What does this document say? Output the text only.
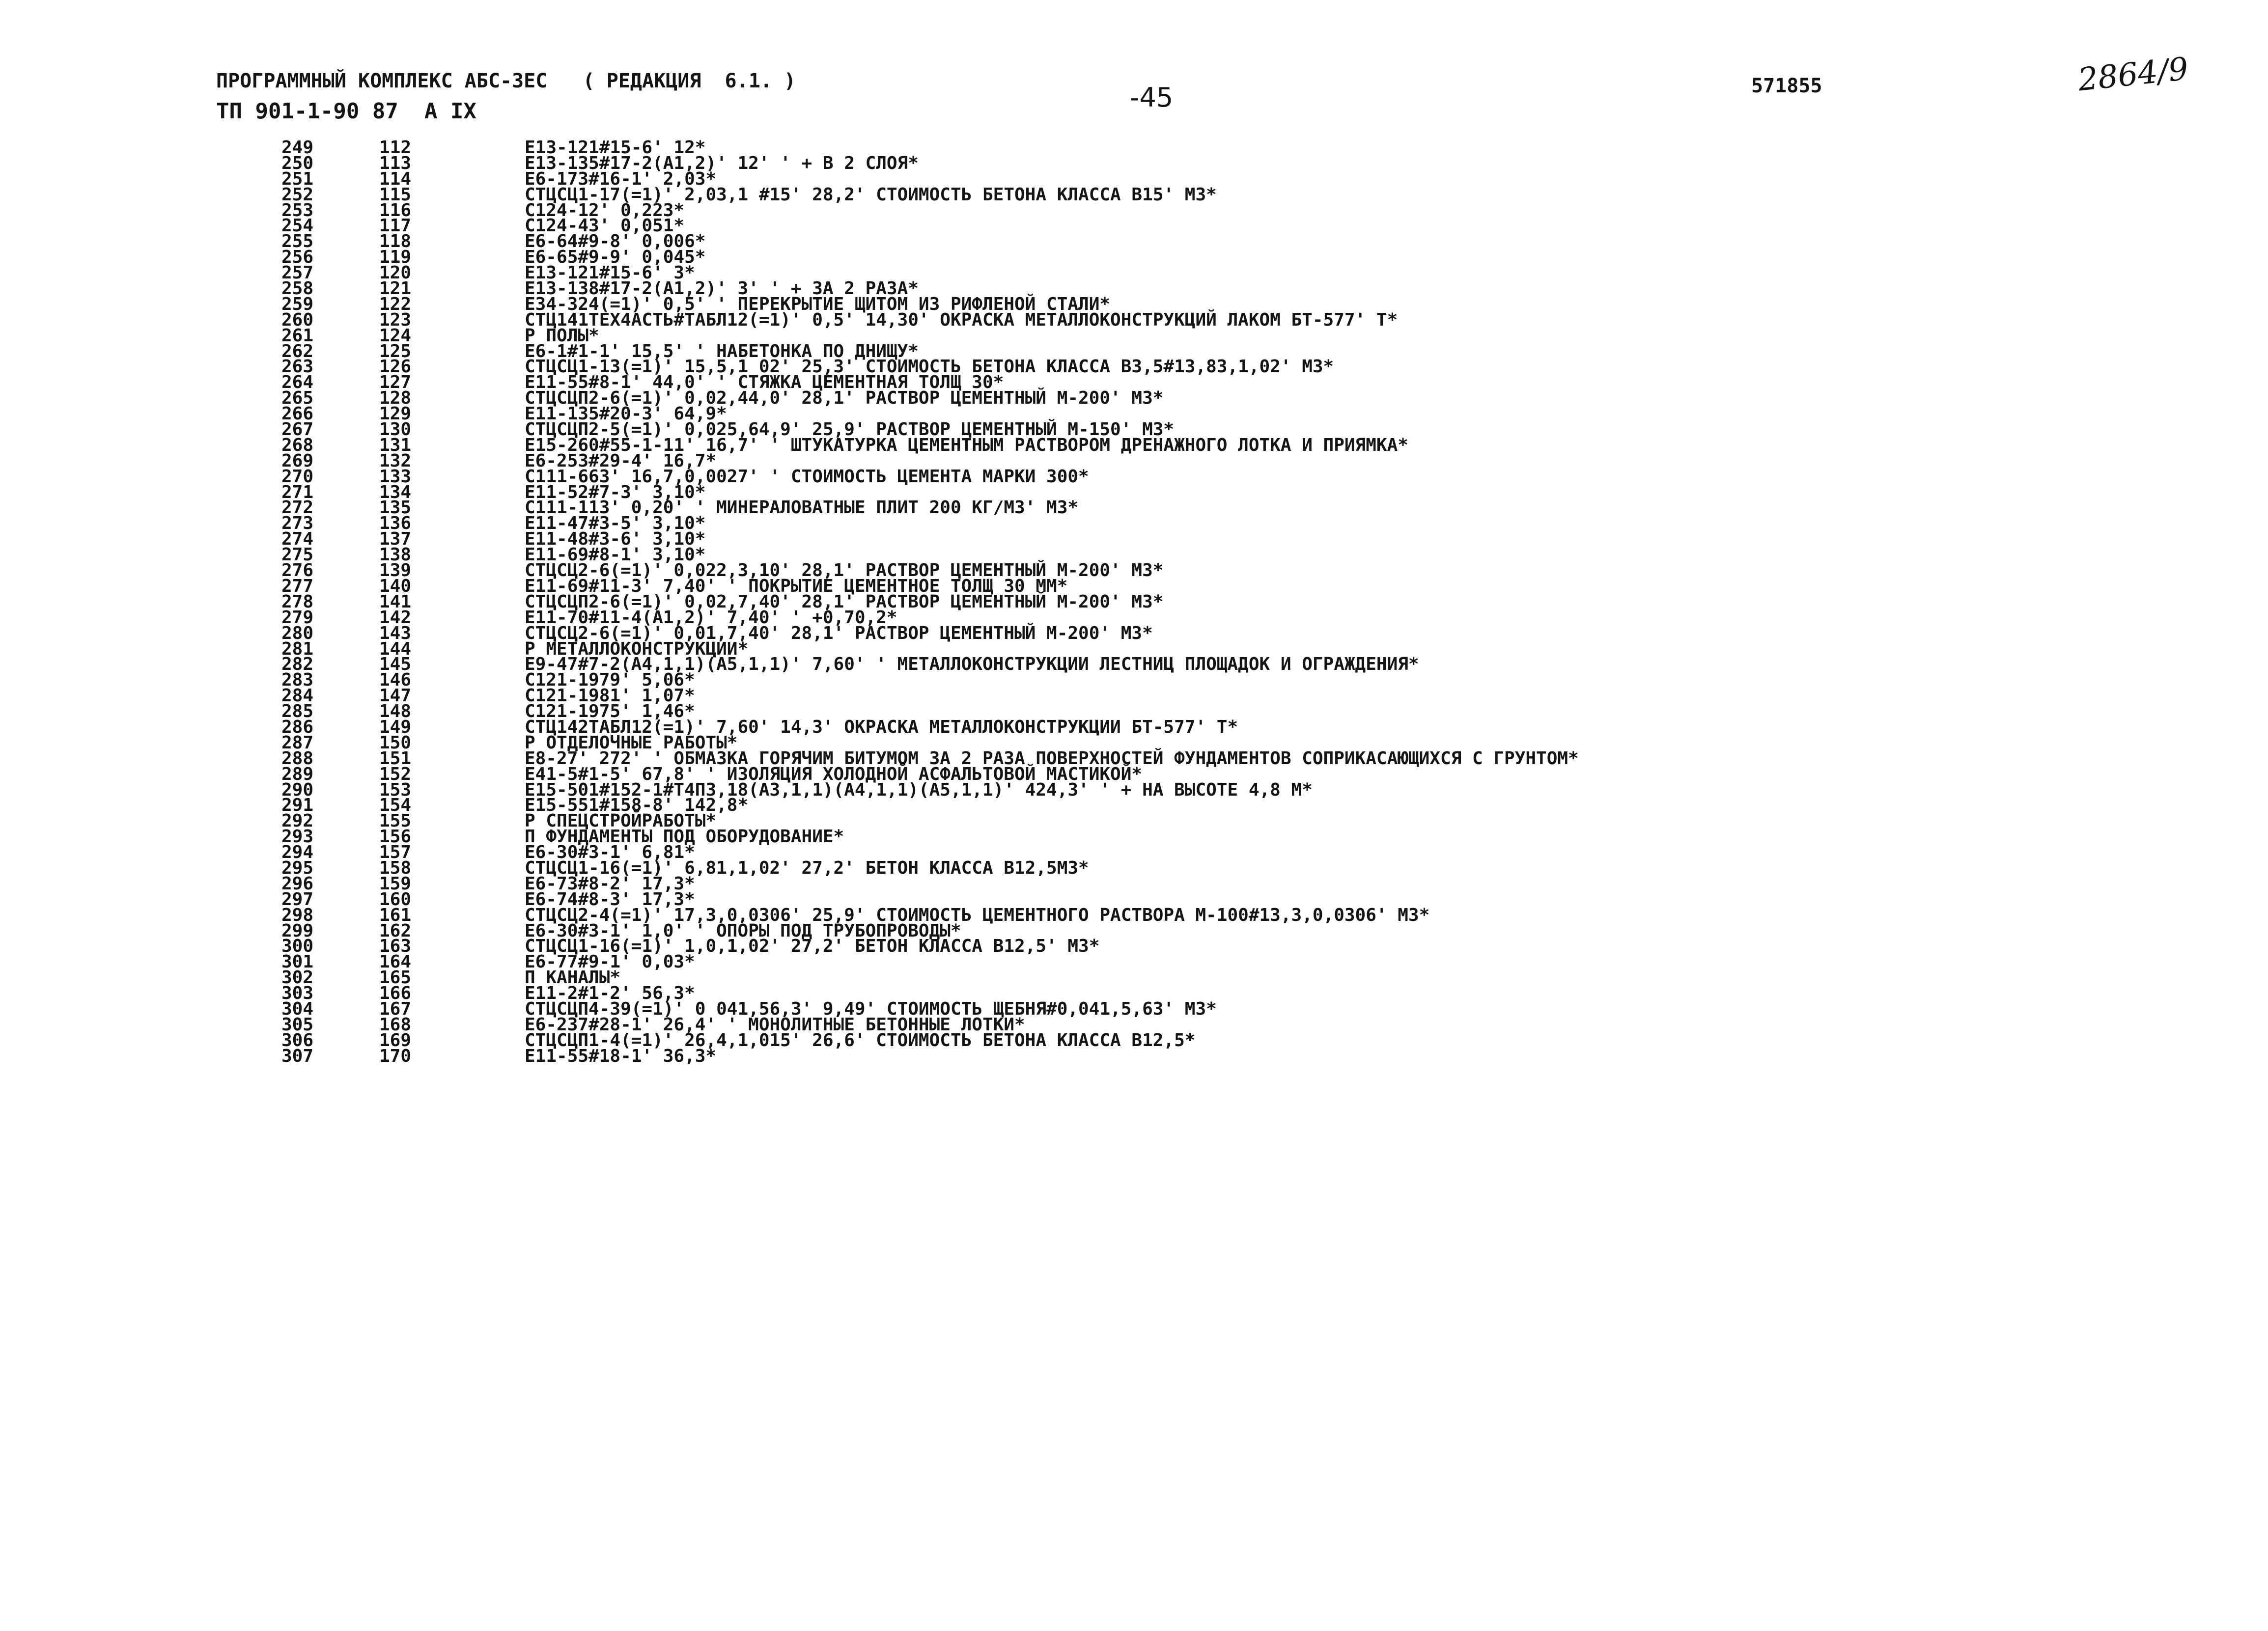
ПРОГРАММНЫЙ КОМПЛЕКС АБС-ЗЕС   ( РЕДАКЦИЯ  6.1. )
ТП 901-1-90 87 А IХ	-45	571855	2864/9
249	112	Е13-121#15-6' 12*
250	113	Е13-135#17-2(А1,2)' 12' ' + В 2 СЛОЯ*
251	114	Е6-173#16-1' 2,03*
252	115	СТЦСЦ1-17(=1)' 2,03,1 #15' 28,2' СТОИМОСТЬ БЕТОНА КЛАССА В15' М3*
253	116	С124-12' 0,223*
254	117	С124-43' 0,051*
255	118	Е6-64#9-8' 0,006*
256	119	Е6-65#9-9' 0,045*
257	120	Е13-121#15-6' 3*
258	121	Е13-138#17-2(А1,2)' 3' ' + ЗА 2 РАЗА*
259	122	Е34-324(=1)' 0,5' ' ПЕРЕКРЫТИЕ ЩИТОМ ИЗ РИФЛЕНОЙ СТАЛИ*
260	123	СТЦ141ТЕХ4АСТЬ#ТАБЛ12(=1)' 0,5' 14,30' ОКРАСКА МЕТАЛЛОКОНСТРУКЦИЙ ЛАКОМ БТ-577' Т*
261	124	Р ПОЛЫ*
262	125	Е6-1#1-1' 15,5' ' НАБЕТОНКА ПО ДНИЩУ*
263	126	СТЦСЦ1-13(=1)' 15,5,1 02' 25,3' СТОИМОСТЬ БЕТОНА КЛАССА В3,5#13,83,1,02' М3*
264	127	Е11-55#8-1' 44,0' ' СТЯЖКА ЦЕМЕНТНАЯ ТОЛЩ 30*
265	128	СТЦСЦП2-6(=1)' 0,02,44,0' 28,1' РАСТВОР ЦЕМЕНТНЫЙ М-200' М3*
266	129	Е11-135#20-3' 64,9*
267	130	СТЦСЦП2-5(=1)' 0,025,64,9' 25,9' РАСТВОР ЦЕМЕНТНЫЙ М-150' М3*
268	131	Е15-260#55-1-11' 16,7' ' ШТУКАТУРКА ЦЕМЕНТНЫМ РАСТВОРОМ ДРЕНАЖНОГО ЛОТКА И ПРИЯМКА*
269	132	Е6-253#29-4' 16,7*
270	133	С111-663' 16,7,0,0027' ' СТОИМОСТЬ ЦЕМЕНТА МАРКИ 300*
271	134	Е11-52#7-3' 3,10*
272	135	С111-113' 0,20' ' МИНЕРАЛОВАТНЫЕ ПЛИТ 200 КГ/М3' М3*
273	136	Е11-47#3-5' 3,10*
274	137	Е11-48#3-6' 3,10*
275	138	Е11-69#8-1' 3,10*
276	139	СТЦСЦ2-6(=1)' 0,022,3,10' 28,1' РАСТВОР ЦЕМЕНТНЫЙ М-200' М3*
277	140	Е11-69#11-3' 7,40' ' ПОКРЫТИЕ ЦЕМЕНТНОЕ ТОЛЩ 30 ММ*
278	141	СТЦСЦП2-6(=1)' 0,02,7,40' 28,1' РАСТВОР ЦЕМЕНТНЫЙ М-200' М3*
279	142	Е11-70#11-4(А1,2)' 7,40' ' +0,70,2*
280	143	СТЦСЦ2-6(=1)' 0,01,7,40' 28,1' РАСТВОР ЦЕМЕНТНЫЙ М-200' М3*
281	144	Р МЕТАЛЛОКОНСТРУКЦИИ*
282	145	Е9-47#7-2(А4,1,1)(А5,1,1)' 7,60' ' МЕТАЛЛОКОНСТРУКЦИИ ЛЕСТНИЦ ПЛОЩАДОК И ОГРАЖДЕНИЯ*
283	146	С121-1979' 5,06*
284	147	С121-1981' 1,07*
285	148	С121-1975' 1,46*
286	149	СТЦ142ТАБЛ12(=1)' 7,60' 14,3' ОКРАСКА МЕТАЛЛОКОНСТРУКЦИИ БТ-577' Т*
287	150	Р ОТДЕЛОЧНЫЕ РАБОТЫ*
288	151	Е8-27' 272' ' ОБМАЗКА ГОРЯЧИМ БИТУМОМ ЗА 2 РАЗА ПОВЕРХНОСТЕЙ ФУНДАМЕНТОВ СОПРИКАСАЮЩИХСЯ С ГРУНТОМ*
289	152	Е41-5#1-5' 67,8' ' ИЗОЛЯЦИЯ ХОЛОДНОЙ АСФАЛЬТОВОЙ МАСТИКОЙ*
290	153	Е15-501#152-1#Т4П3,18(А3,1,1)(А4,1,1)(А5,1,1)' 424,3' ' + НА ВЫСОТЕ 4,8 М*
291	154	Е15-551#158-8' 142,8*
292	155	Р СПЕЦСТРОЙРАБОТЫ*
293	156	П ФУНДАМЕНТЫ ПОД ОБОРУДОВАНИЕ*
294	157	Е6-30#3-1' 6,81*
295	158	СТЦСЦ1-16(=1)' 6,81,1,02' 27,2' БЕТОН КЛАССА В12,5М3*
296	159	Е6-73#8-2' 17,3*
297	160	Е6-74#8-3' 17,3*
298	161	СТЦСЦ2-4(=1)' 17,3,0,0306' 25,9' СТОИМОСТЬ ЦЕМЕНТНОГО РАСТВОРА М-100#13,3,0,0306' М3*
299	162	Е6-30#3-1' 1,0' ' ОПОРЫ ПОД ТРУБОПРОВОДЫ*
300	163	СТЦСЦ1-16(=1)' 1,0,1,02' 27,2' БЕТОН КЛАССА В12,5' М3*
301	164	Е6-77#9-1' 0,03*
302	165	П КАНАЛЫ*
303	166	Е11-2#1-2' 56,3*
304	167	СТЦСЦП4-39(=1)' 0 041,56,3' 9,49' СТОИМОСТЬ ЩЕБНЯ#0,041,5,63' М3*
305	168	Е6-237#28-1' 26,4' ' МОНОЛИТНЫЕ БЕТОННЫЕ ЛОТКИ*
306	169	СТЦСЦП1-4(=1)' 26,4,1,015' 26,6' СТОИМОСТЬ БЕТОНА КЛАССА В12,5*
307	170	Е11-55#18-1' 36,3*
